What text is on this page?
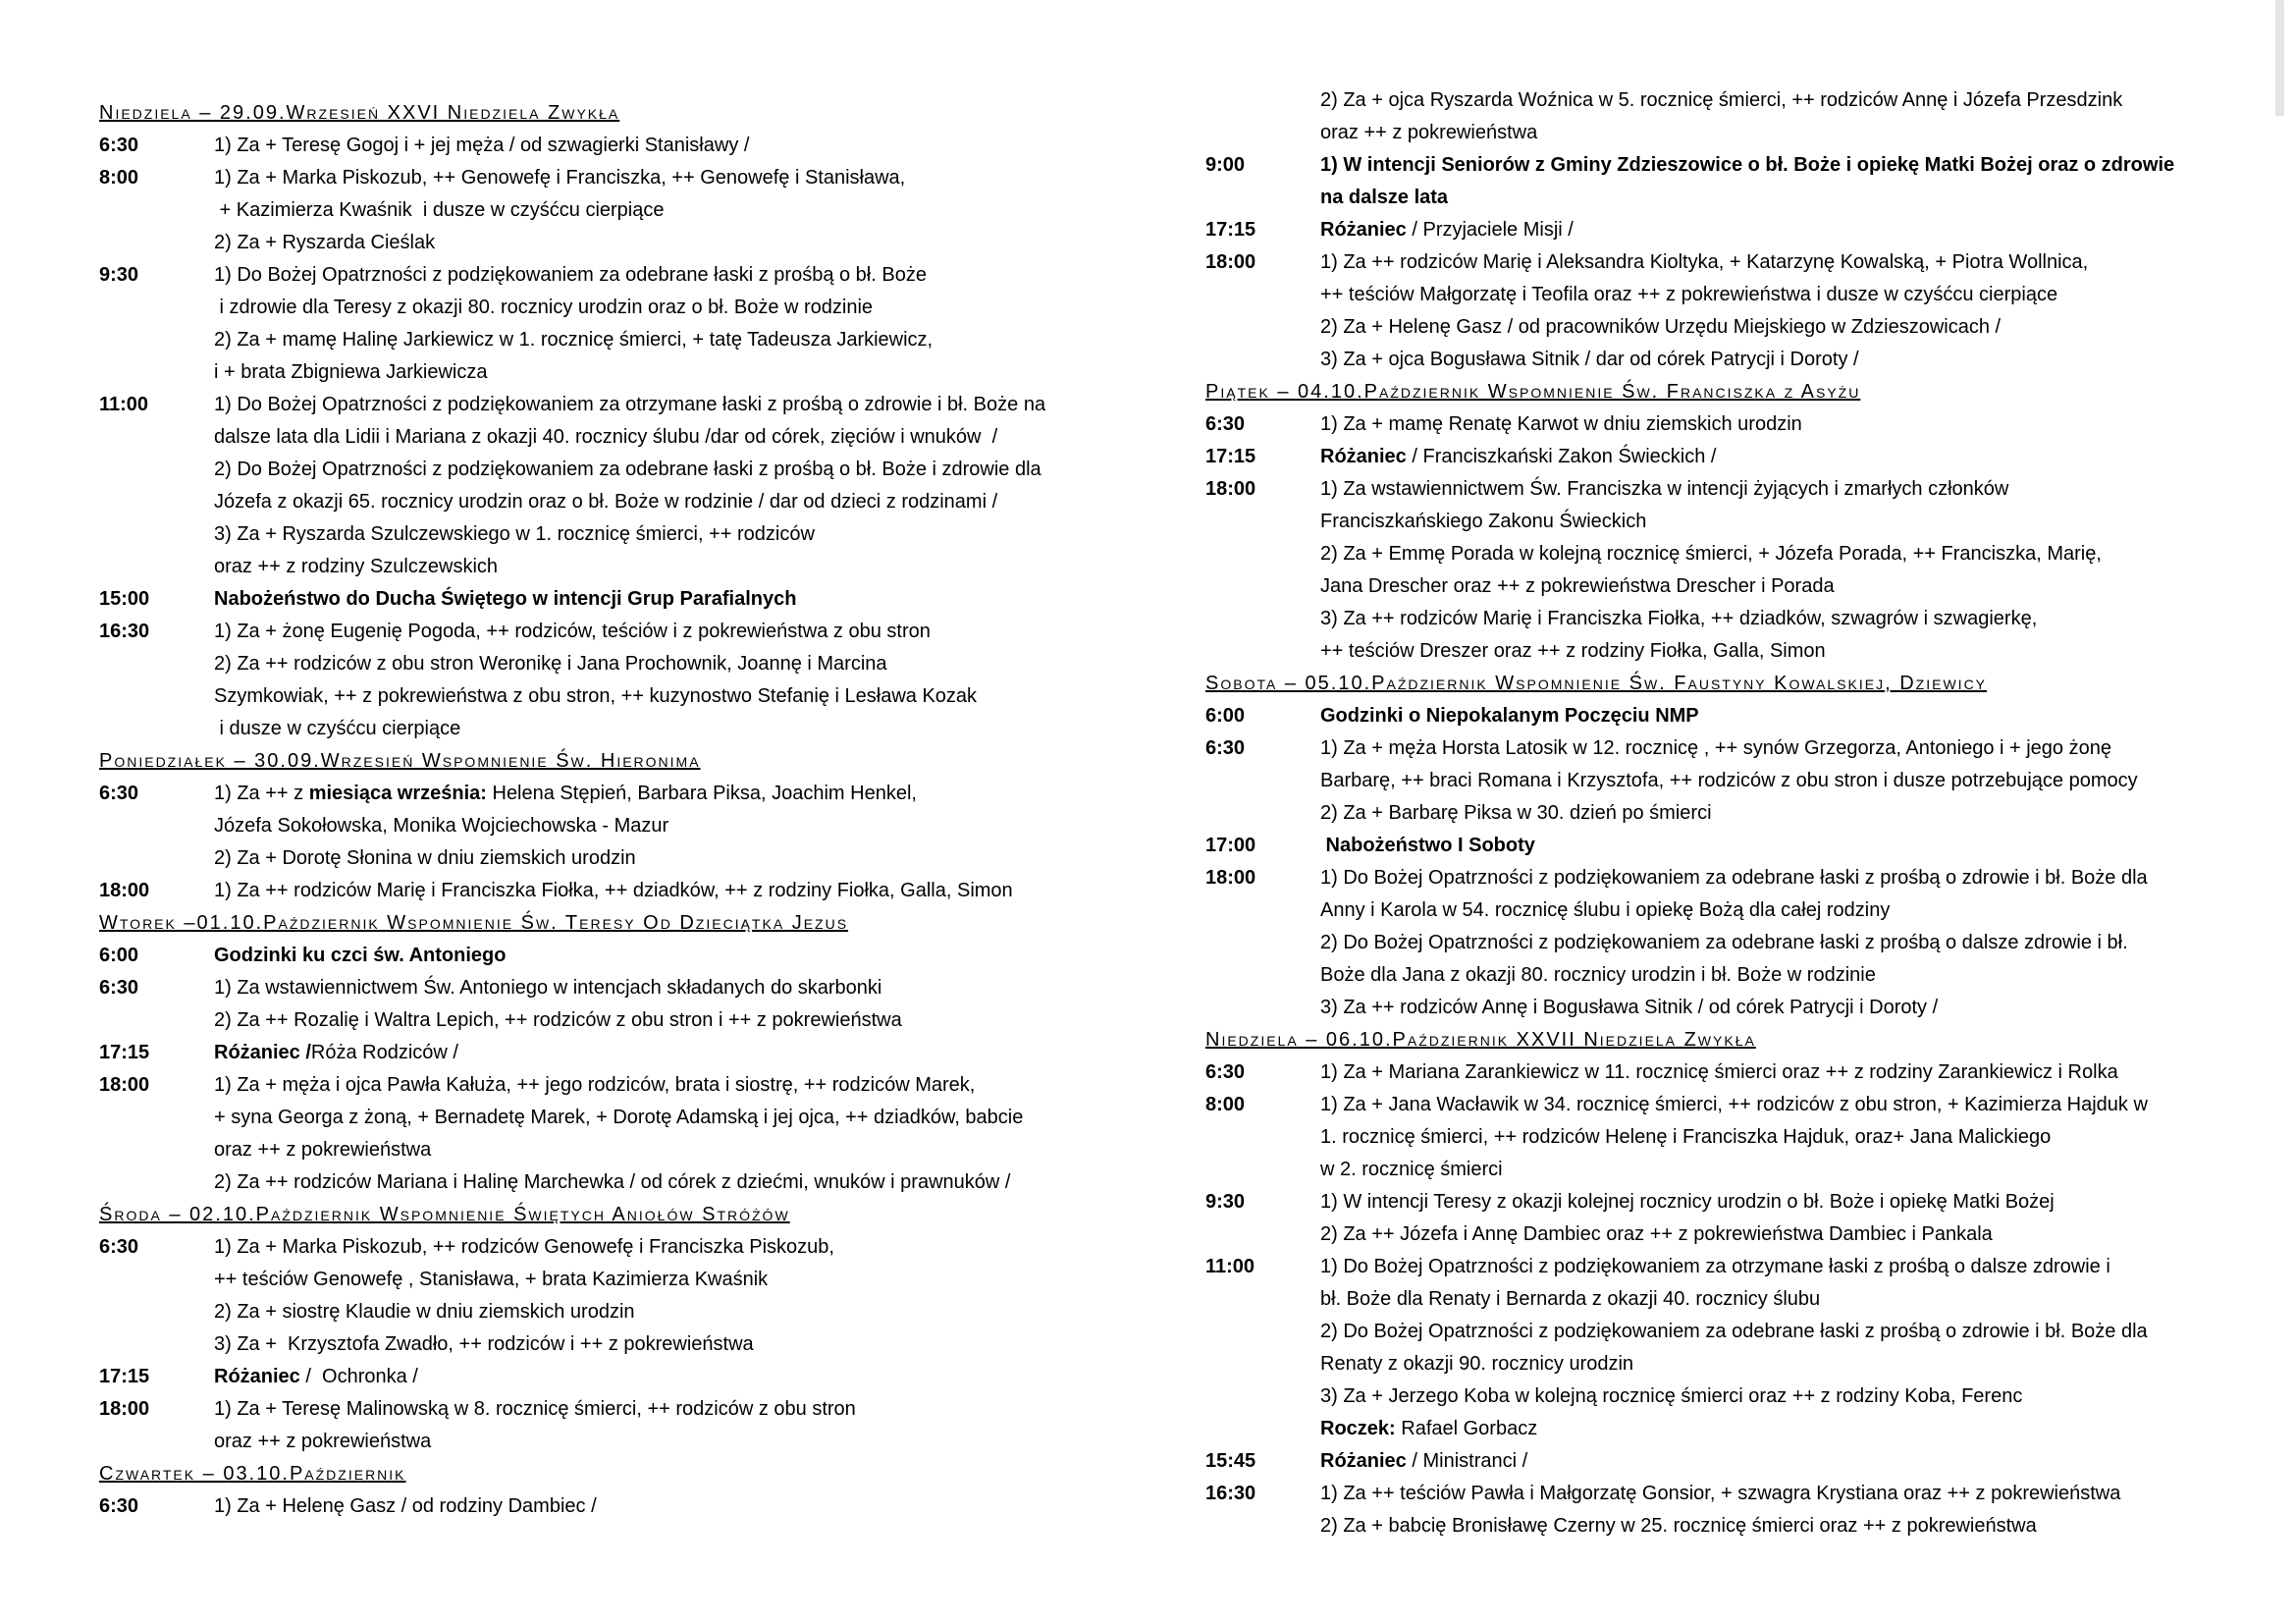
Niedziela – 29.09.Wrzesień XXVI Niedziela Zwykła
6:30	1) Za + Teresę Gogoj i + jej męża / od szwagierki Stanisławy /
8:00	1) Za + Marka Piskozub, ++ Genowefę i Franciszka, ++ Genowefę i Stanisława,
+ Kazimierza Kwaśnik  i dusze w czyśćcu cierpiące
2) Za + Ryszarda Cieślak
9:30	1) Do Bożej Opatrzności z podziękowaniem za odebrane łaski z prośbą o bł. Boże
i zdrowie dla Teresy z okazji 80. rocznicy urodzin oraz o bł. Boże w rodzinie
2) Za + mamę Halinę Jarkiewicz w 1. rocznicę śmierci, + tatę Tadeusza Jarkiewicz,
i + brata Zbigniewa Jarkiewicza
11:00	1) Do Bożej Opatrzności z podziękowaniem za otrzymane łaski z prośbą o zdrowie i bł. Boże na
dalsze lata dla Lidii i Mariana z okazji 40. rocznicy ślubu /dar od córek, zięciów i wnuków  /
2) Do Bożej Opatrzności z podziękowaniem za odebrane łaski z prośbą o bł. Boże i zdrowie dla
Józefa z okazji 65. rocznicy urodzin oraz o bł. Boże w rodzinie / dar od dzieci z rodzinami /
3) Za + Ryszarda Szulczewskiego w 1. rocznicę śmierci, ++ rodziców
oraz ++ z rodziny Szulczewskich
15:00	Nabożeństwo do Ducha Świętego w intencji Grup Parafialnych
16:30	1) Za + żonę Eugenię Pogoda, ++ rodziców, teściów i z pokrewieństwa z obu stron
2) Za ++ rodziców z obu stron Weronikę i Jana Prochownik, Joannę i Marcina
Szymkowiak, ++ z pokrewieństwa z obu stron, ++ kuzynostwo Stefanię i Lesława Kozak
i dusze w czyśćcu cierpiące
Poniedziałek – 30.09.Wrzesień Wspomnienie Św. Hieronima
6:30	1) Za ++ z miesiąca września: Helena Stępień, Barbara Piksa, Joachim Henkel,
Józefa Sokołowska, Monika Wojciechowska - Mazur
2) Za + Dorotę Słonina w dniu ziemskich urodzin
18:00	1) Za ++ rodziców Marię i Franciszka Fiołka, ++ dziadków, ++ z rodziny Fiołka, Galla, Simon
Wtorek –01.10.Październik Wspomnienie Św. Teresy Od Dzieciątka Jezus
6:00	Godzinki ku czci św. Antoniego
6:30	1) Za wstawiennictwem Św. Antoniego w intencjach składanych do skarbonki
2) Za ++ Rozalię i Waltra Lepich, ++ rodziców z obu stron i ++ z pokrewieństwa
17:15	Różaniec /Róża Rodziców /
18:00	1) Za + męża i ojca Pawła Kałuża, ++ jego rodziców, brata i siostrę, ++ rodziców Marek,
+ syna Georga z żoną, + Bernadetę Marek, + Dorotę Adamską i jej ojca, ++ dziadków, babcie
oraz ++ z pokrewieństwa
2) Za ++ rodziców Mariana i Halinę Marchewka / od córek z dziećmi, wnuków i prawnuków /
Środa – 02.10.Październik Wspomnienie Świętych Aniołów Stróżów
6:30	1) Za + Marka Piskozub, ++ rodziców Genowefę i Franciszka Piskozub,
++ teściów Genowefę , Stanisława, + brata Kazimierza Kwaśnik
2) Za + siostrę Klaudie w dniu ziemskich urodzin
3) Za +  Krzysztofa Zwadło, ++ rodziców i ++ z pokrewieństwa
17:15	Różaniec /  Ochronka /
18:00	1) Za + Teresę Malinowską w 8. rocznicę śmierci, ++ rodziców z obu stron
oraz ++ z pokrewieństwa
Czwartek – 03.10.Październik
6:30	1) Za + Helenę Gasz / od rodziny Dambiec /
2) Za + ojca Ryszarda Woźnica w 5. rocznicę śmierci, ++ rodziców Annę i Józefa Przesdzink
oraz ++ z pokrewieństwa
9:00	1) W intencji Seniorów z Gminy Zdzieszowice o bł. Boże i opiekę Matki Bożej oraz o zdrowie
na dalsze lata
17:15	Różaniec / Przyjaciele Misji /
18:00	1) Za ++ rodziców Marię i Aleksandra Kioltyka, + Katarzynę Kowalską, + Piotra Wollnica,
++ teściów Małgorzatę i Teofila oraz ++ z pokrewieństwa i dusze w czyśćcu cierpiące
2) Za + Helenę Gasz / od pracowników Urzędu Miejskiego w Zdzieszowicach /
3) Za + ojca Bogusława Sitnik / dar od córek Patrycji i Doroty /
Piątek – 04.10.Październik Wspomnienie Św. Franciszka z Asyżu
6:30	1) Za + mamę Renatę Karwot w dniu ziemskich urodzin
17:15	Różaniec / Franciszkański Zakon Świeckich /
18:00	1) Za wstawiennictwem Św. Franciszka w intencji żyjących i zmarłych członków
Franciszkańskiego Zakonu Świeckich
2) Za + Emmę Porada w kolejną rocznicę śmierci, + Józefa Porada, ++ Franciszka, Marię,
Jana Drescher oraz ++ z pokrewieństwa Drescher i Porada
3) Za ++ rodziców Marię i Franciszka Fiołka, ++ dziadków, szwagrów i szwagierkę,
++ teściów Dreszer oraz ++ z rodziny Fiołka, Galla, Simon
Sobota – 05.10.Październik Wspomnienie Św. Faustyny Kowalskiej, Dziewicy
6:00	Godzinki o Niepokalanym Poczęciu NMP
6:30	1) Za + męża Horsta Latosik w 12. rocznicę , ++ synów Grzegorza, Antoniego i + jego żonę
Barbarę, ++ braci Romana i Krzysztofa, ++ rodziców z obu stron i dusze potrzebujące pomocy
2) Za + Barbarę Piksa w 30. dzień po śmierci
17:00	Nabożeństwo I Soboty
18:00	1) Do Bożej Opatrzności z podziękowaniem za odebrane łaski z prośbą o zdrowie i bł. Boże dla
Anny i Karola w 54. rocznicę ślubu i opiekę Bożą dla całej rodziny
2) Do Bożej Opatrzności z podziękowaniem za odebrane łaski z prośbą o dalsze zdrowie i bł.
Boże dla Jana z okazji 80. rocznicy urodzin i bł. Boże w rodzinie
3) Za ++ rodziców Annę i Bogusława Sitnik / od córek Patrycji i Doroty /
Niedziela – 06.10.Październik XXVII Niedziela Zwykła
6:30	1) Za + Mariana Zarankiewicz w 11. rocznicę śmierci oraz ++ z rodziny Zarankiewicz i Rolka
8:00	1) Za + Jana Wacławik w 34. rocznicę śmierci, ++ rodziców z obu stron, + Kazimierza Hajduk w
1. rocznicę śmierci, ++ rodziców Helenę i Franciszka Hajduk, oraz+ Jana Malickiego
w 2. rocznicę śmierci
9:30	1) W intencji Teresy z okazji kolejnej rocznicy urodzin o bł. Boże i opiekę Matki Bożej
2) Za ++ Józefa i Annę Dambiec oraz ++ z pokrewieństwa Dambiec i Pankala
11:00	1) Do Bożej Opatrzności z podziękowaniem za otrzymane łaski z prośbą o dalsze zdrowie i
bł. Boże dla Renaty i Bernarda z okazji 40. rocznicy ślubu
2) Do Bożej Opatrzności z podziękowaniem za odebrane łaski z prośbą o zdrowie i bł. Boże dla
Renaty z okazji 90. rocznicy urodzin
3) Za + Jerzego Koba w kolejną rocznicę śmierci oraz ++ z rodziny Koba, Ferenc
Roczek: Rafael Gorbacz
15:45	Różaniec / Ministranci /
16:30	1) Za ++ teściów Pawła i Małgorzatę Gonsior, + szwagra Krystiana oraz ++ z pokrewieństwa
2) Za + babcię Bronisławę Czerny w 25. rocznicę śmierci oraz ++ z pokrewieństwa
